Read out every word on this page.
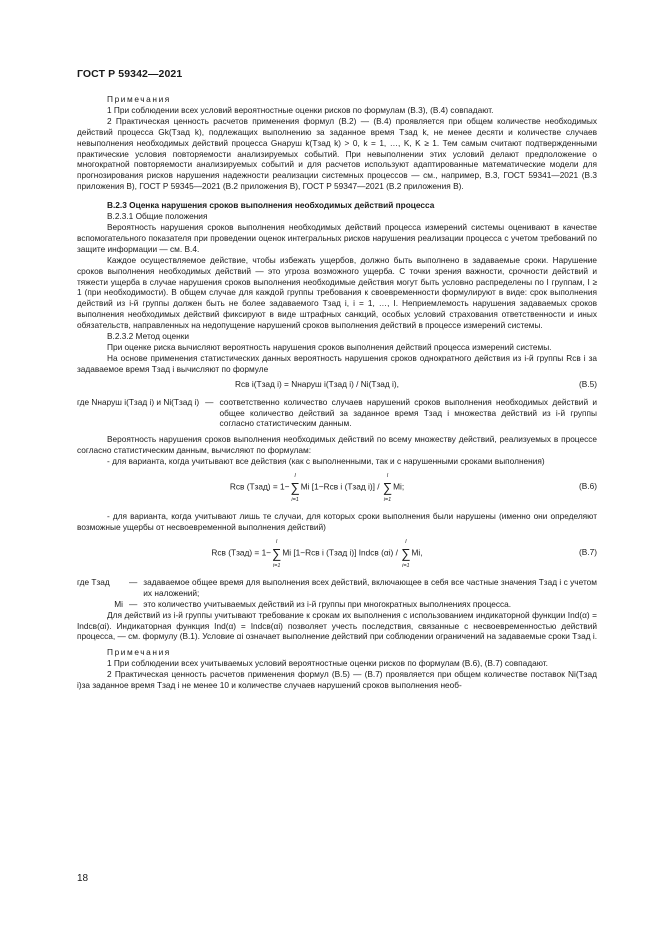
ГОСТ Р 59342—2021

Примечания

1 При соблюдении всех условий вероятностные оценки рисков по формулам (В.3), (В.4) совпадают.

2 Практическая ценность расчетов применения формул (В.2) — (В.4) проявляется при общем количестве необходимых действий процесса Gk(Tзад k), подлежащих выполнению за заданное время Tзад k, не менее десяти и количестве случаев невыполнения необходимых действий процесса Gнаруш k(Tзад k) > 0, k = 1, …, K, K ≥ 1. Тем самым считают подтвержденными практические условия повторяемости анализируемых событий. При невыполнении этих условий делают предположение о многократной повторяемости анализируемых событий и для расчетов используют адаптированные математические модели для прогнозирования рисков нарушения надежности реализации системных процессов — см., например, В.3, ГОСТ 59341—2021 (В.3 приложения В), ГОСТ Р 59345—2021 (В.2 приложения В), ГОСТ Р 59347—2021 (В.2 приложения В).

В.2.3 Оценка нарушения сроков выполнения необходимых действий процесса

В.2.3.1 Общие положения

Вероятность нарушения сроков выполнения необходимых действий процесса измерений системы оценивают в качестве вспомогательного показателя при проведении оценок интегральных рисков нарушения реализации процесса с учетом требований по защите информации — см. В.4.

Каждое осуществляемое действие, чтобы избежать ущербов, должно быть выполнено в задаваемые сроки. Нарушение сроков выполнения необходимых действий — это угроза возможного ущерба. С точки зрения важности, срочности действий и тяжести ущерба в случае нарушения сроков выполнения необходимые действия могут быть условно распределены по I группам, I ≥ 1 (при необходимости). В общем случае для каждой группы требования к своевременности формулируют в виде: срок выполнения действий из i-й группы должен быть не более задаваемого Tзад i, i = 1, …, I. Неприемлемость нарушения задаваемых сроков выполнения необходимых действий фиксируют в виде штрафных санкций, особых условий страхования ответственности и иных обязательств, направленных на недопущение нарушений сроков выполнения действий в процессе измерений системы.

В.2.3.2 Метод оценки

При оценке риска вычисляют вероятность нарушения сроков выполнения действий процесса измерений системы.

На основе применения статистических данных вероятность нарушения сроков однократного действия из i-й группы Rсв i за задаваемое время Tзад i вычисляют по формуле

Rсв i(Tзад i) = Nнаруш i(Tзад i) / Ni(Tзад i),	(B.5)
где Nнаруш i(Tзад i) и Ni(Tзад i) — соответственно количество случаев нарушений сроков выполнения необходимых действий и общее количество действий за заданное время Tзад i множества действий из i-й группы согласно статистическим данным.

Вероятность нарушения сроков выполнения необходимых действий по всему множеству действий, реализуемых в процессе согласно статистическим данным, вычисляют по формулам:

- для варианта, когда учитывают все действия (как с выполненными, так и с нарушенными сроками выполнения)

Rсв (Tзад) = 1−∑
I
i=1
Mi [1−Rсв i (Tзад i)] / ∑
I
i=1
Mi;	(B.6)

- для варианта, когда учитывают лишь те случаи, для которых сроки выполнения были нарушены (именно они определяют возможные ущербы от несвоевременной выполнения действий)

Rсв (Tзад) = 1−∑
I
i=1
Mi [1−Rсв i (Tзад i)] Indсв (αi) / ∑
I
i=1
Mi,	(B.7)
где Tзад	— задаваемое общее время для выполнения всех действий, включающее в себя все частные значения Tзад i с учетом их наложений;
Mi — это количество учитываемых действий из i-й группы при многократных выполнениях процесса.

Для действий из i-й группы учитывают требование к срокам их выполнения с использованием индикаторной функции Ind(α) = Indсв(αi). Индикаторная функция Ind(α) = Indсв(αi) позволяет учесть последствия, связанные с несвоевременностью действий процесса, — см. формулу (В.1). Условие αi означает выполнение действий при соблюдении ограничений на задаваемые сроки Tзад i.

Примечания

1 При соблюдении всех учитываемых условий вероятностные оценки рисков по формулам (В.6), (В.7) совпадают.

2 Практическая ценность расчетов применения формул (В.5) — (В.7) проявляется при общем количестве поставок Ni(Tзад i)за заданное время Tзад i не менее 10 и количестве случаев нарушений сроков выполнения необ-

18
